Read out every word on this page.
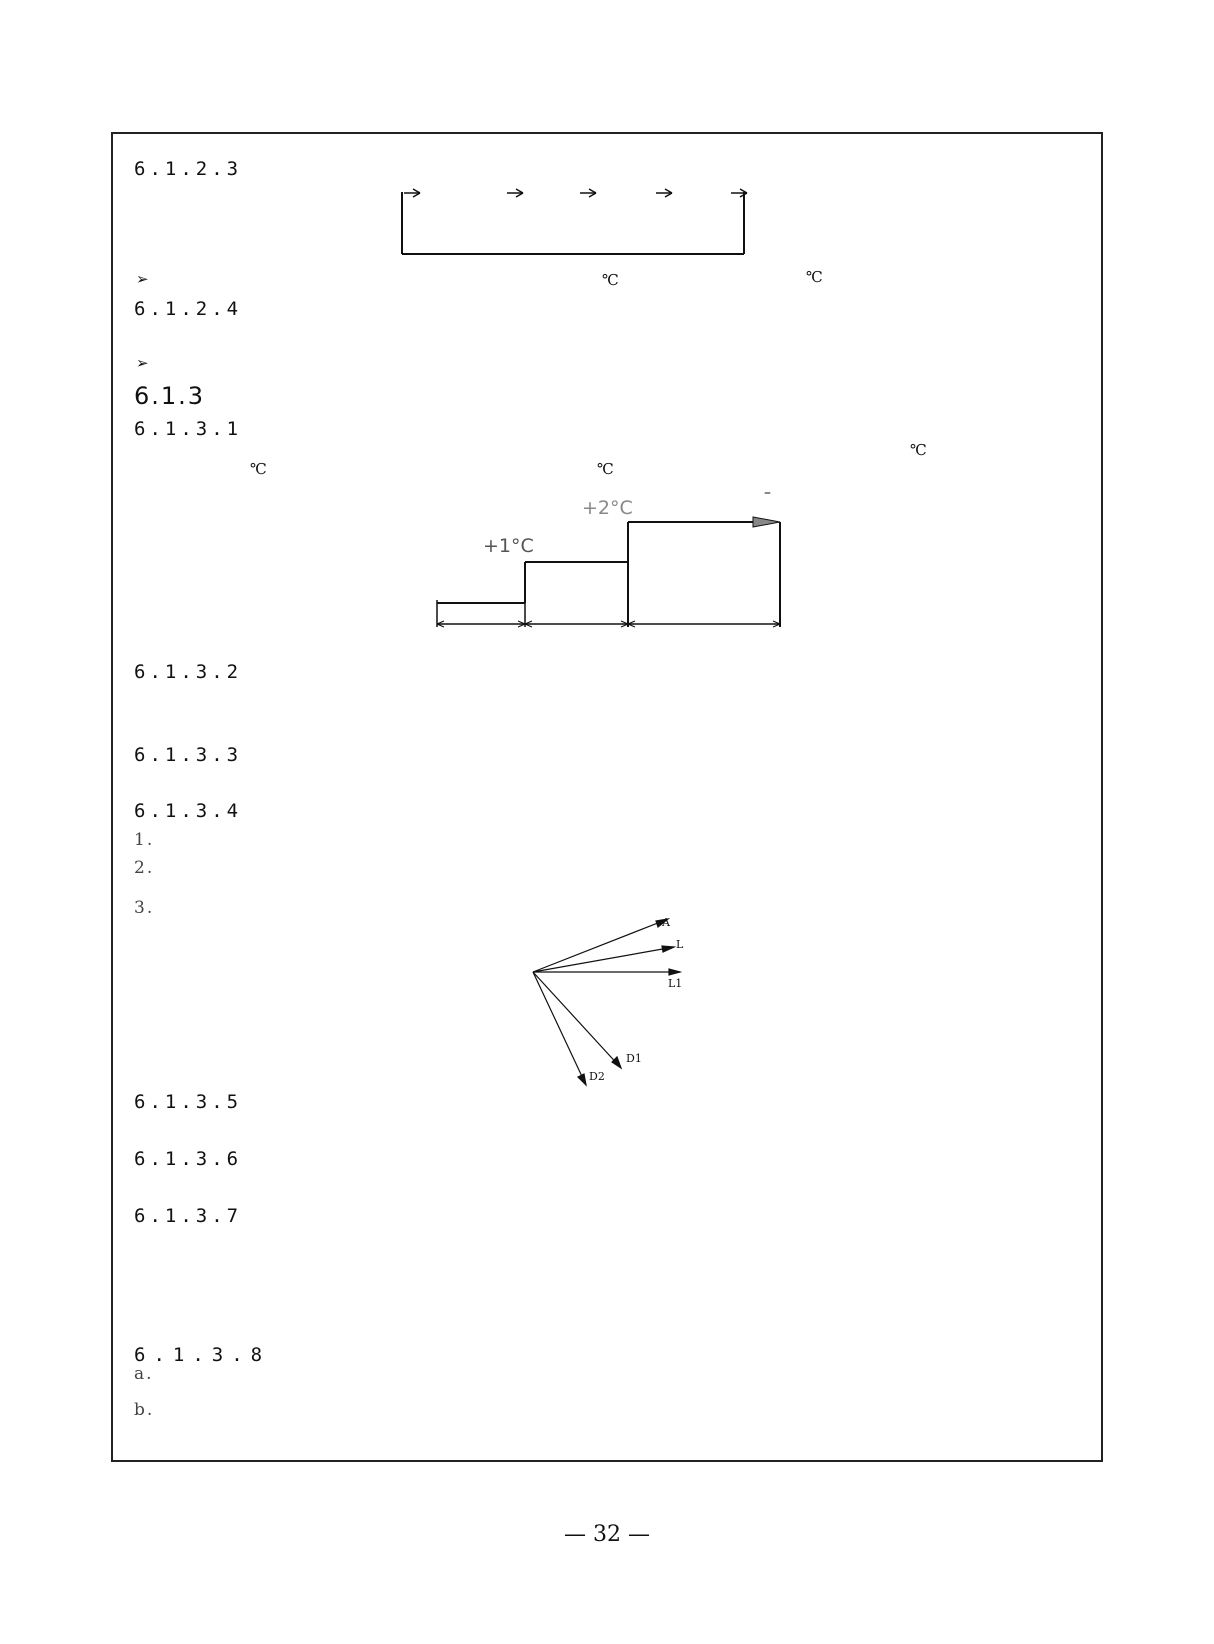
6.1.2.3
➢	℃	℃
6.1.2.4
➢
6.1.3
6.1.3.1
℃
℃	℃
+1°C
+2°C
–
6.1.3.2
6.1.3.3
6.1.3.4
1.
2.
3.
A
L
L1
D1
D2
6.1.3.5
6.1.3.6
6.1.3.7
6.1.3.8
a.
b.
— 32 —
